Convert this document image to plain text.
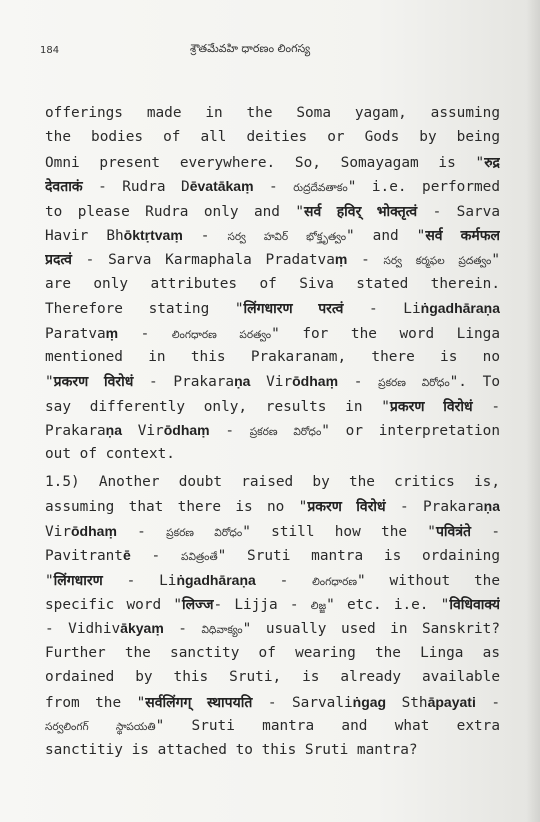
184	శ్రౌతమేవహి ధారణం లింగస్య
offerings made in the Soma yagam, assuming
the bodies of all deities or Gods by being
Omni present everywhere. So, Somayagam is "रुद्र
देवताकं - Rudra Dēvatākaṃ - రుద్రదేవతాకం" i.e. performed
to please Rudra only and "सर्व हविर् भोक्तृत्वं - Sarva
Havir Bhōktṛtvaṃ - సర్వ హవిర్ భోక్తృత్వం" and "सर्व कर्मफल
प्रदत्वं - Sarva Karmaphala Pradatvaṃ - సర్వ కర్మఫల ప్రదత్వం"
are only attributes of Siva stated therein.
Therefore stating "लिंगधारण परत्वं - Liṅgadhāraṇa
Paratvaṃ - లింగధారణ పరత్వం" for the word Linga
mentioned in this Prakaranam, there is no
"प्रकरण विरोधं - Prakaraṇa Virōdhaṃ - ప్రకరణ విరోధం". To
say differently only, results in "प्रकरण विरोधं -
Prakaraṇa Virōdhaṃ - ప్రకరణ విరోధం" or interpretation
out of context.
1.5) Another doubt raised by the critics is,
assuming that there is no "प्रकरण विरोधं - Prakaraṇa
Virōdhaṃ - ప్రకరణ విరోధం" still how the "पवित्रंते -
Pavitrantē - పవిత్రంతే" Sruti mantra is ordaining
"लिंगधारण - Liṅgadhāraṇa - లింగధారణ" without the
specific word "लिज्ज- Lijja - లిజ్జ" etc. i.e. "विधिवाक्यं
- Vidhivākyaṃ - విధివాక్యం" usually used in Sanskrit?
Further the sanctity of wearing the Linga as
ordained by this Sruti, is already available
from the "सर्वलिंगग् स्थापयति - Sarvaliṅgag Sthāpayati -
సర్వలింగగ్	స్థాపయతి" Sruti mantra and what extra
sanctitiy is attached to this Sruti mantra?
